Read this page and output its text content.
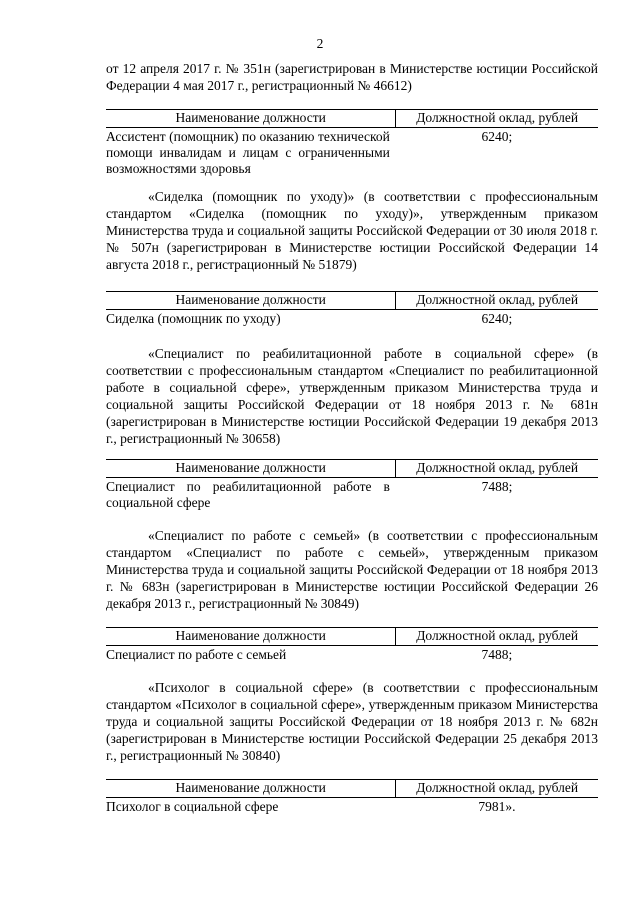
2

от 12 апреля 2017 г. № 351н (зарегистрирован в Министерстве юстиции Российской Федерации 4 мая 2017 г., регистрационный № 46612)

Наименование должности	Должностной оклад, рублей
Ассистент (помощник) по оказанию технической помощи инвалидам и лицам с ограниченными возможностями здоровья	6240;

«Сиделка (помощник по уходу)» (в соответствии с профессиональным стандартом «Сиделка (помощник по уходу)», утвержденным приказом Министерства труда и социальной защиты Российской Федерации от 30 июля 2018 г. № 507н (зарегистрирован в Министерстве юстиции Российской Федерации 14 августа 2018 г., регистрационный № 51879)

Наименование должности	Должностной оклад, рублей
Сиделка (помощник по уходу)	6240;

«Специалист по реабилитационной работе в социальной сфере» (в соответствии с профессиональным стандартом «Специалист по реабилитационной работе в социальной сфере», утвержденным приказом Министерства труда и социальной защиты Российской Федерации от 18 ноября 2013 г. № 681н (зарегистрирован в Министерстве юстиции Российской Федерации 19 декабря 2013 г., регистрационный № 30658)

Наименование должности	Должностной оклад, рублей
Специалист по реабилитационной работе в социальной сфере	7488;

«Специалист по работе с семьей» (в соответствии с профессиональным стандартом «Специалист по работе с семьей», утвержденным приказом Министерства труда и социальной защиты Российской Федерации от 18 ноября 2013 г. № 683н (зарегистрирован в Министерстве юстиции Российской Федерации 26 декабря 2013 г., регистрационный № 30849)

Наименование должности	Должностной оклад, рублей
Специалист по работе с семьей	7488;

«Психолог в социальной сфере» (в соответствии с профессиональным стандартом «Психолог в социальной сфере», утвержденным приказом Министерства труда и социальной защиты Российской Федерации от 18 ноября 2013 г. № 682н (зарегистрирован в Министерстве юстиции Российской Федерации 25 декабря 2013 г., регистрационный № 30840)

Наименование должности	Должностной оклад, рублей
Психолог в социальной сфере	7981».
